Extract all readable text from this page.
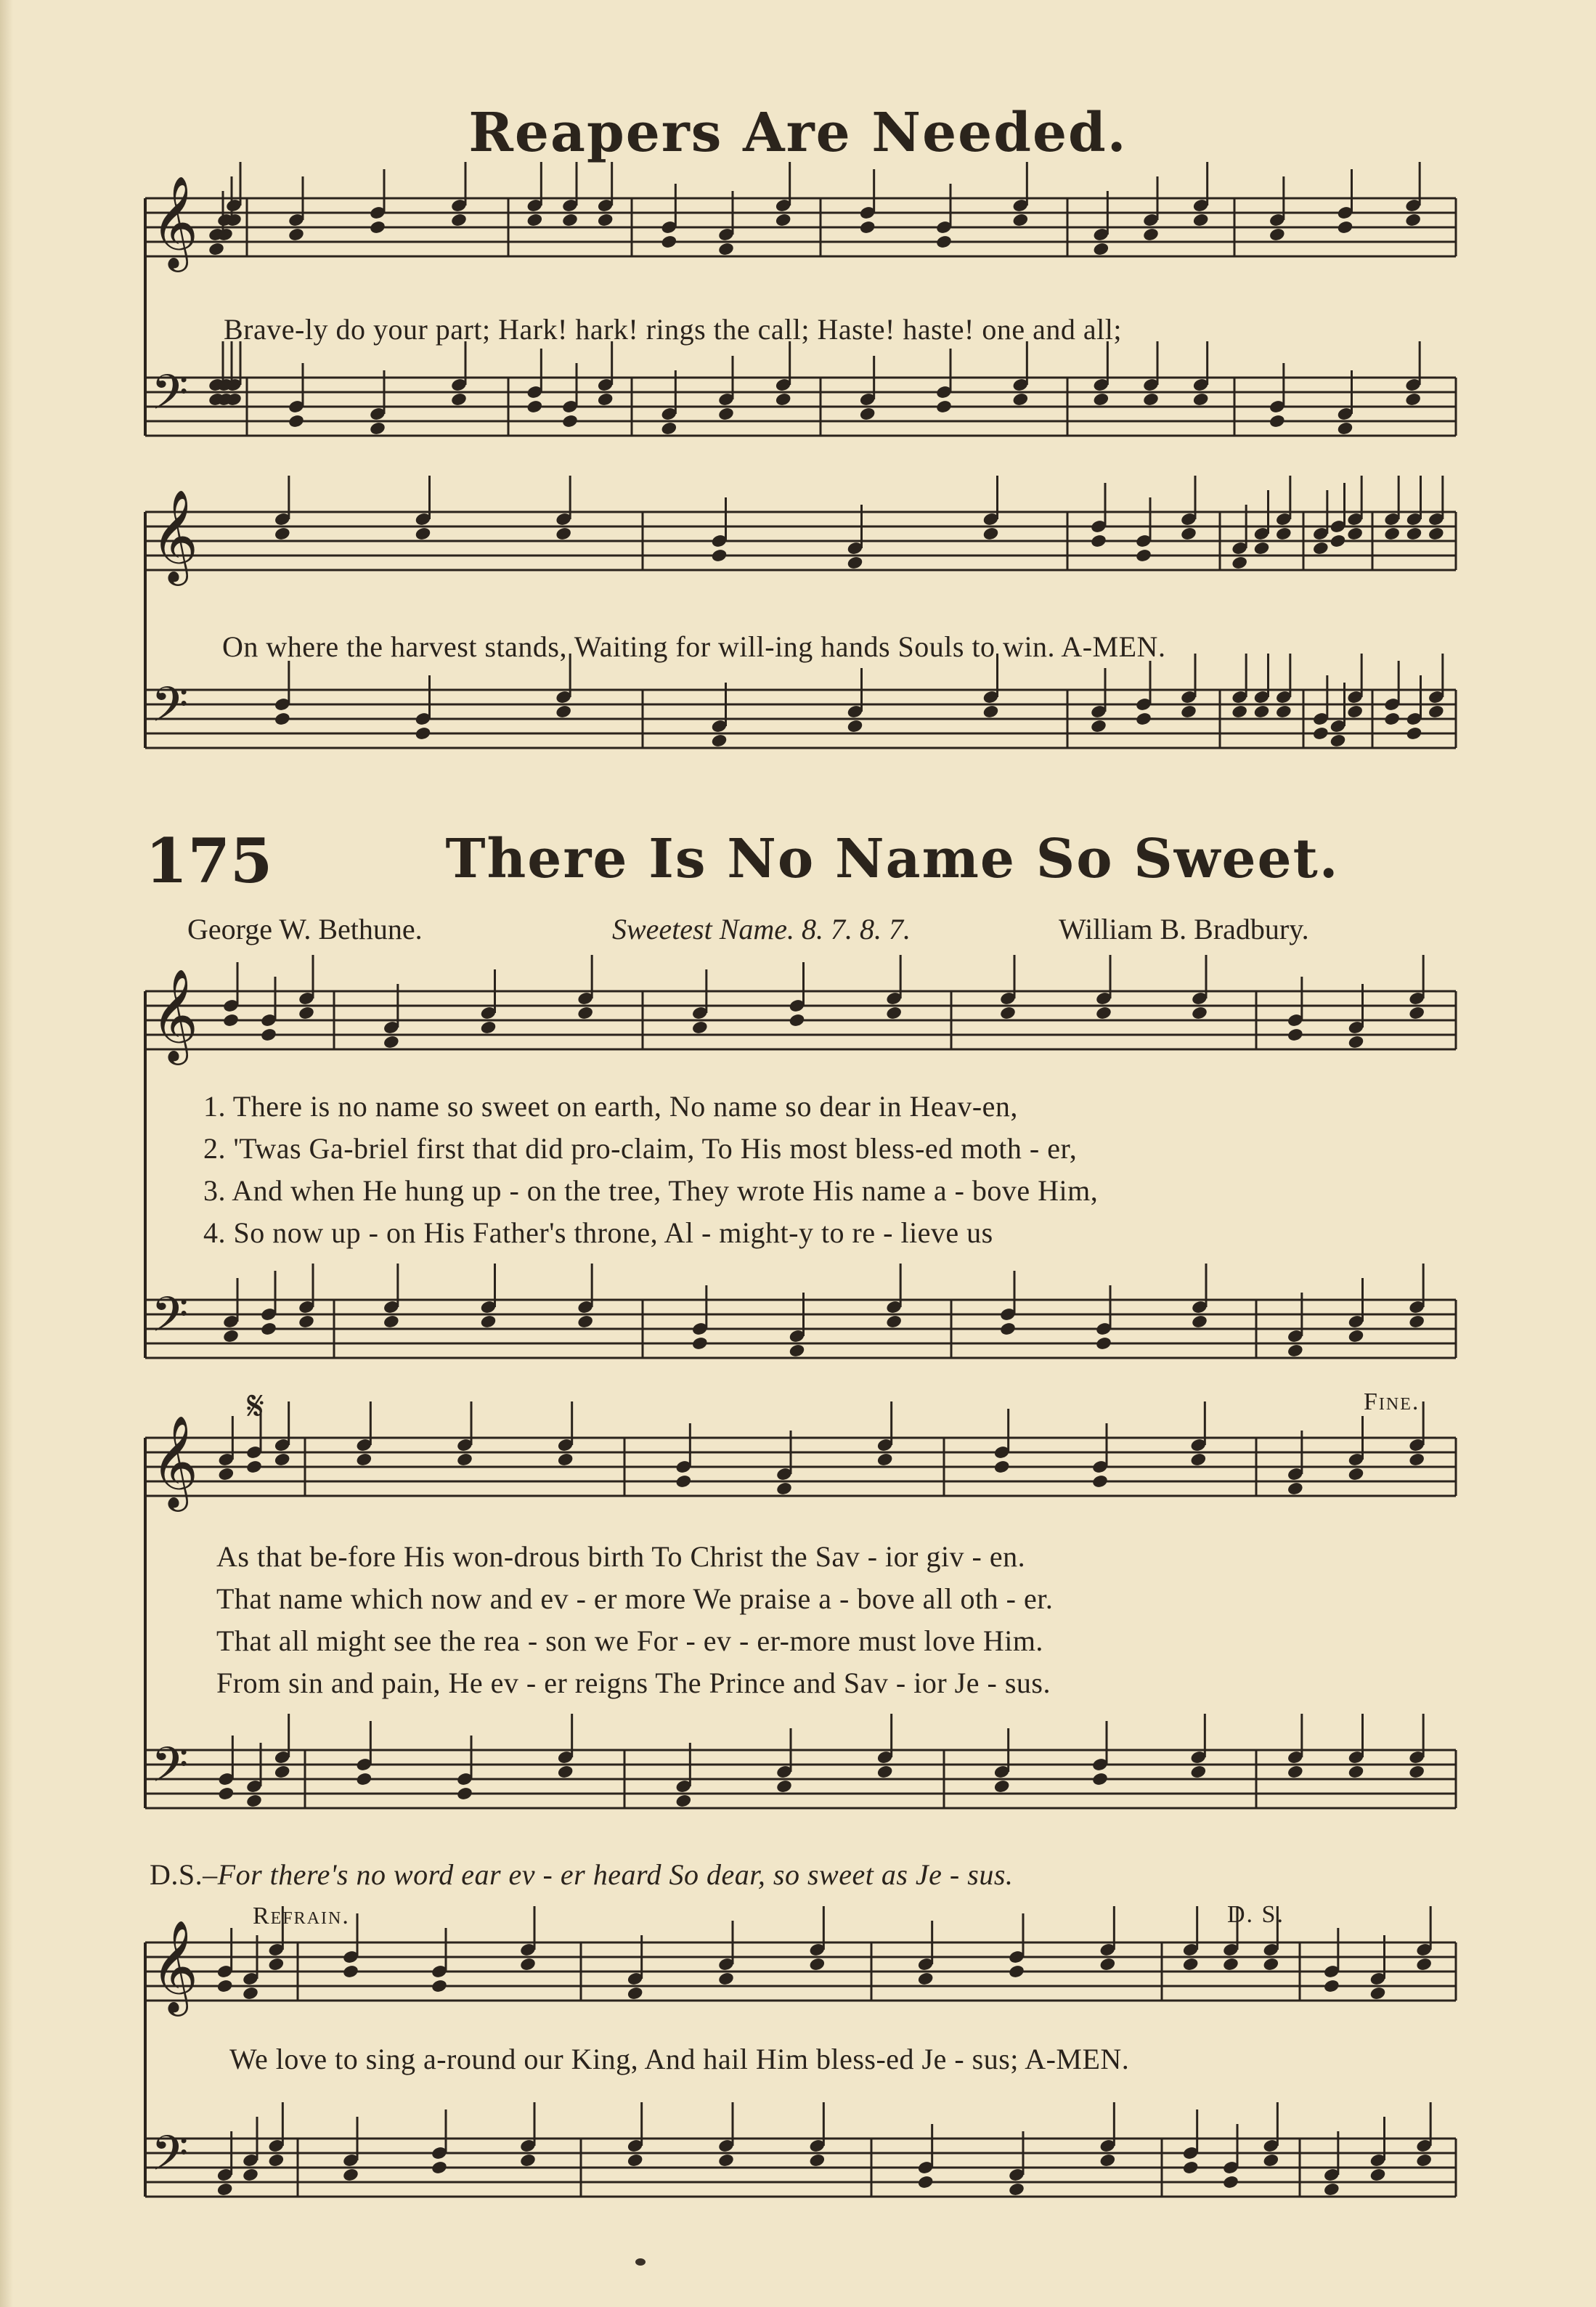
𝄞
𝄢
𝄞
𝄢
𝄞
𝄢
𝄞
𝄢
𝄞
𝄢
Reapers Are Needed.
Brave-ly do your part; Hark! hark! rings the call; Haste! haste! one and all;
On where the harvest stands, Waiting for will-ing hands Souls to win. A-MEN.
175	There Is No Name So Sweet.
George W. Bethune.	Sweetest Name. 8. 7. 8. 7.	William B. Bradbury.
1. There is no name so sweet on earth, No name so dear in Heav-en,
2. 'Twas Ga-briel first that did pro-claim, To His most bless-ed moth - er,
3. And when He hung up - on the tree, They wrote His name a - bove Him,
4. So now up - on His Father's throne, Al - might-y to re - lieve us
𝄋	Fine.
As that be-fore His won-drous birth To Christ the Sav - ior giv - en.
That name which now and ev - er more We praise a - bove all oth - er.
That all might see the rea - son we For - ev - er-more must love Him.
From sin and pain, He ev - er reigns The Prince and Sav - ior Je - sus.
D.S.–For there's no word ear ev - er heard So dear, so sweet as Je - sus.
Refrain.	D. S.
We love to sing a-round our King, And hail Him bless-ed Je - sus; A-MEN.
